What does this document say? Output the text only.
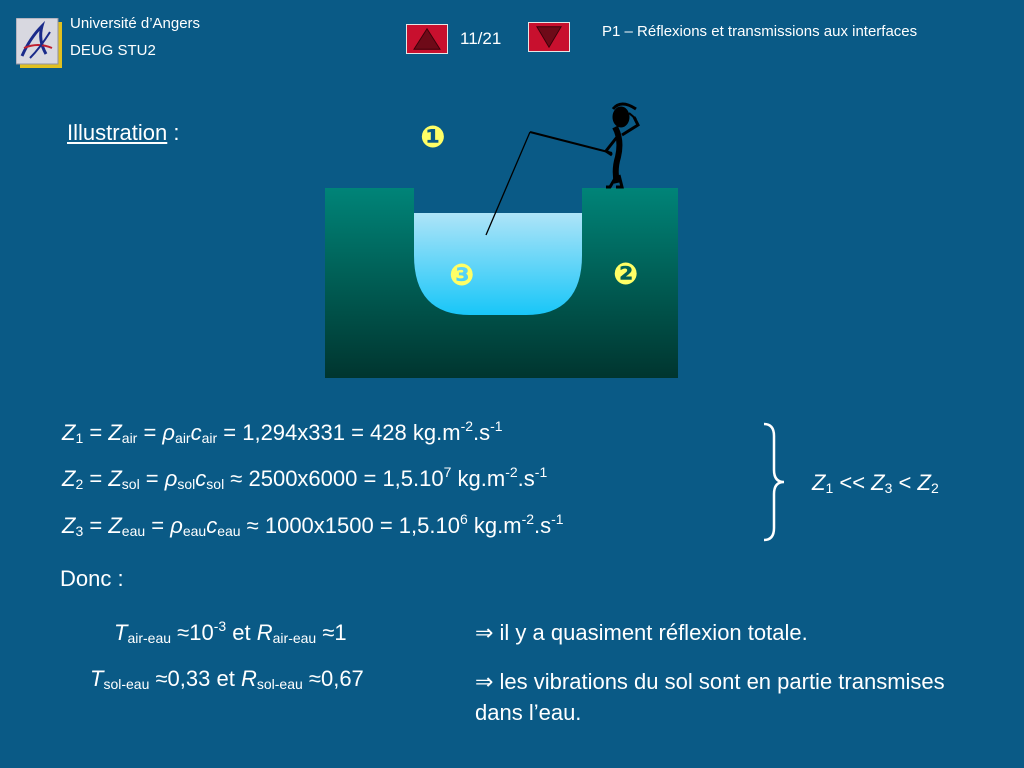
Université d’Angers
DEUG STU2
11/21	P1 – Réflexions et transmissions aux interfaces
Illustration :	❶
❷
❸
$Z_1 = Z_{air} = \rho_{air}c_{air} = 1,294x331 = 428$ $kg.m^{-2}.s^{-1}$
$Z_2 = Z_{sol} = \rho_{sol}c_{sol} \approx 2500x6000 = 1,5.10^7$ $kg.m^{-2}.s^{-1}$
$Z_3 = Z_{eau} = \rho_{eau}c_{eau} \approx 1000x1500 = 1,5.10^6$ $kg.m^{-2}.s^{-1}$
$Z_1 << Z_3 < Z_2$
Donc :
$T_{air-eau} \approx 10^{-3}$ et $R_{air-eau} \approx 1$
$T_{sol-eau} \approx 0,33$ et $R_{sol-eau} \approx 0,67$
⇒ il y a quasiment réflexion totale.
⇒ les vibrations du sol sont en partie transmises dans l’eau.
